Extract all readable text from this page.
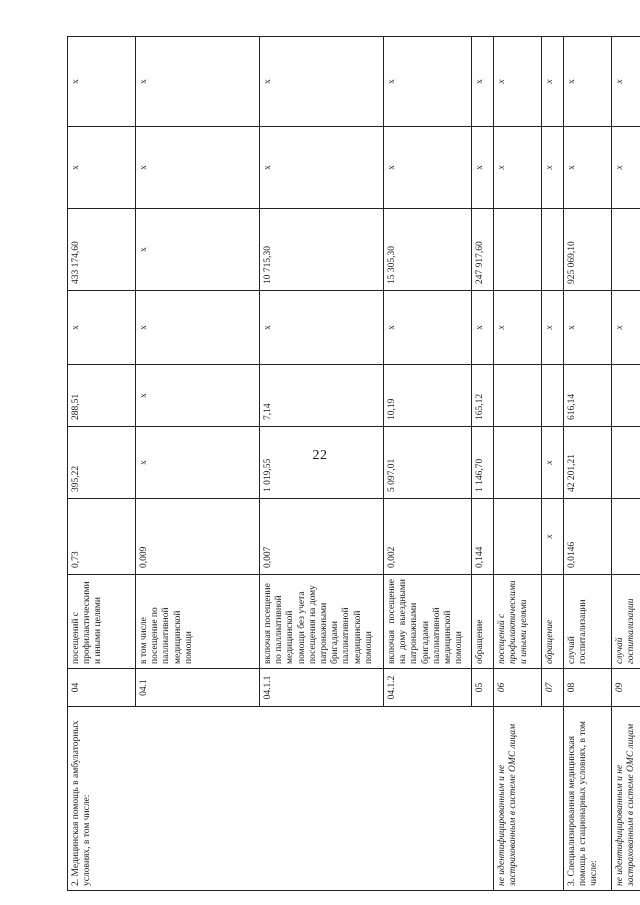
22
2. Медицинская помощь в амбулаторных условиях, в том числе:	04	посещений с профилактическими и иными целями	0,73	395,22	288,51	х	433 174,60	х	х
	04.1	в том числе посещение по паллиативной медицинской помощи	0,009	х	х	х	х	х	х
	04.1.1	включая посещение по паллиативной медицинской помощи без учета посещения на дому патронажными бригадами паллиативной медицинской помощи	0,007	1 019,55	7,14	х	10 715,30	х	х
	04.1.2	включая посещение на дому выездными патронажными бригадами паллиативной медицинской помощи	0,002	5 097,01	10,19	х	15 305,30	х	х
	05	обращение	0,144	1 146,70	165,12	х	247 917,60	х	х
не идентифицированным и не застрахованным в системе ОМС лицам	06	посещений с профилактическими и иными целями				х		х	х
	07	обращение	х	х		х		х	х
3. Специализированная медицинская помощь в стационарных условиях, в том числе:	08	случай госпитализации	0,0146	42 201,21	616,14	х	925 069,10	х	х
не идентифицированным и не застрахованным в системе ОМС лицам	09	случай госпитализации				х		х	х
